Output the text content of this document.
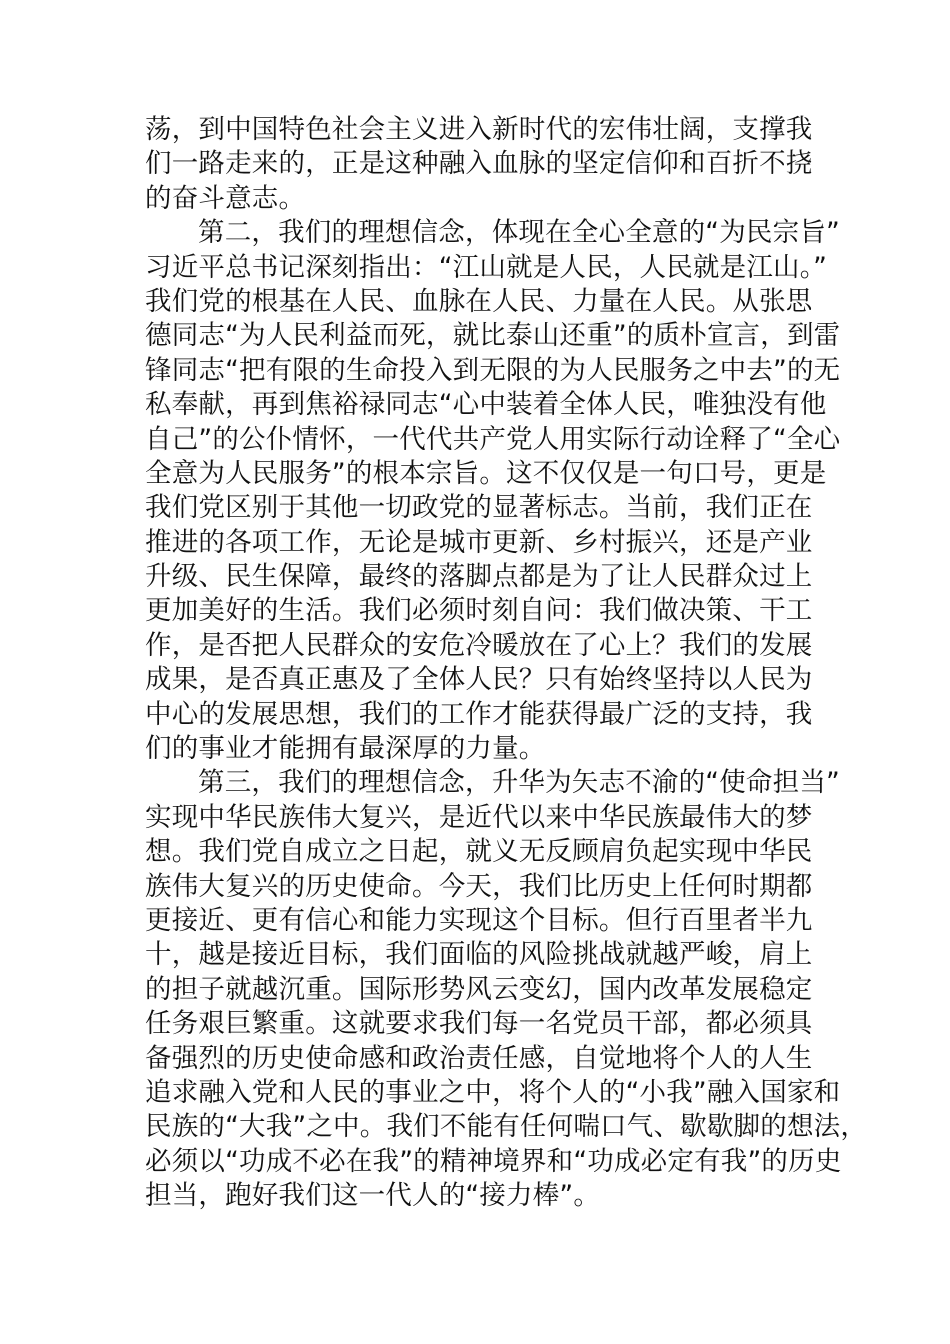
荡，到中国特色社会主义进入新时代的宏伟壮阔，支撑我
们一路走来的，正是这种融入血脉的坚定信仰和百折不挠
的奋斗意志。
第二，我们的理想信念，体现在全心全意的“为民宗旨”
习近平总书记深刻指出：“江山就是人民，人民就是江山。”
我们党的根基在人民、血脉在人民、力量在人民。从张思
德同志“为人民利益而死，就比泰山还重”的质朴宣言，到雷
锋同志“把有限的生命投入到无限的为人民服务之中去”的无
私奉献，再到焦裕禄同志“心中装着全体人民，唯独没有他
自己”的公仆情怀，一代代共产党人用实际行动诠释了“全心
全意为人民服务”的根本宗旨。这不仅仅是一句口号，更是
我们党区别于其他一切政党的显著标志。当前，我们正在
推进的各项工作，无论是城市更新、乡村振兴，还是产业
升级、民生保障，最终的落脚点都是为了让人民群众过上
更加美好的生活。我们必须时刻自问：我们做决策、干工
作，是否把人民群众的安危冷暖放在了心上？我们的发展
成果，是否真正惠及了全体人民？只有始终坚持以人民为
中心的发展思想，我们的工作才能获得最广泛的支持，我
们的事业才能拥有最深厚的力量。
第三，我们的理想信念，升华为矢志不渝的“使命担当”
实现中华民族伟大复兴，是近代以来中华民族最伟大的梦
想。我们党自成立之日起，就义无反顾肩负起实现中华民
族伟大复兴的历史使命。今天，我们比历史上任何时期都
更接近、更有信心和能力实现这个目标。但行百里者半九
十，越是接近目标，我们面临的风险挑战就越严峻，肩上
的担子就越沉重。国际形势风云变幻，国内改革发展稳定
任务艰巨繁重。这就要求我们每一名党员干部，都必须具
备强烈的历史使命感和政治责任感，自觉地将个人的人生
追求融入党和人民的事业之中，将个人的“小我”融入国家和
民族的“大我”之中。我们不能有任何喘口气、歇歇脚的想法，
必须以“功成不必在我”的精神境界和“功成必定有我”的历史
担当，跑好我们这一代人的“接力棒”。
